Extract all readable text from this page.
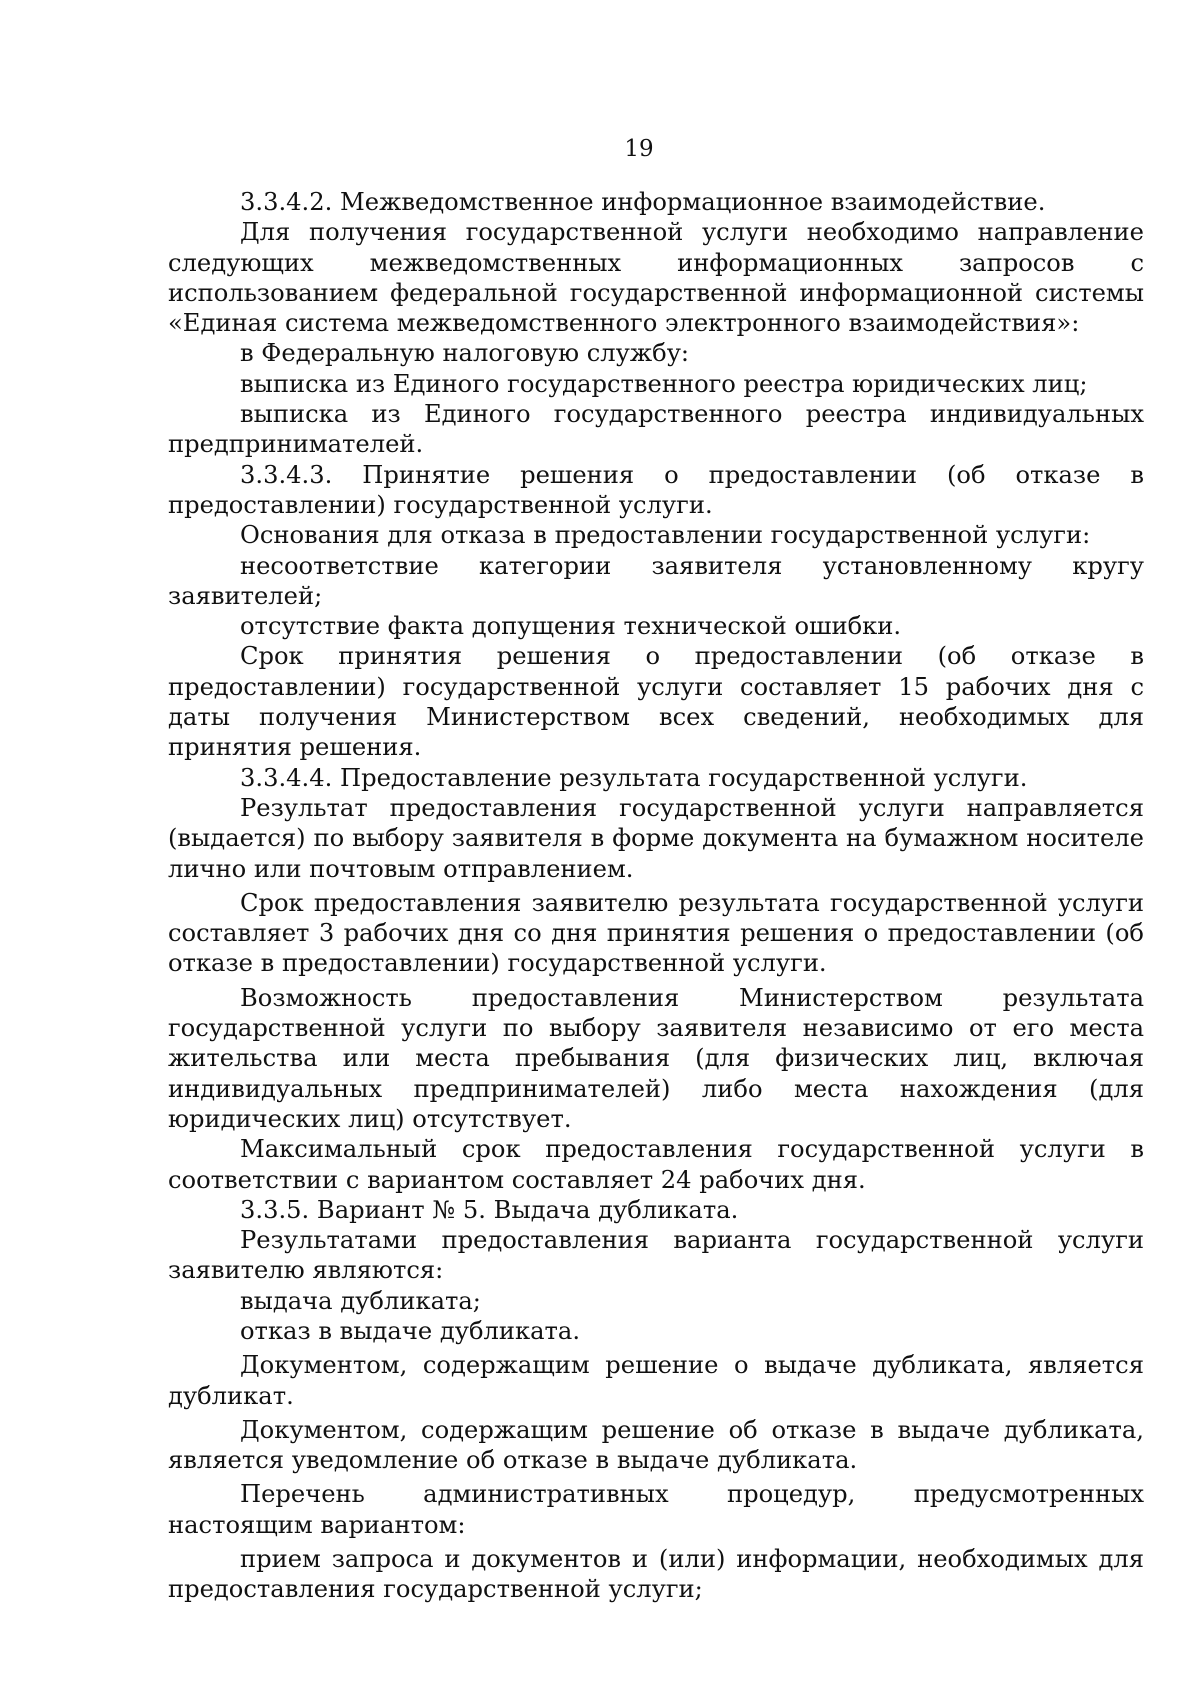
19

3.3.4.2. Межведомственное информационное взаимодействие.

Для получения государственной услуги необходимо направление следующих межведомственных информационных запросов с использованием федеральной государственной информационной системы «Единая система межведомственного электронного взаимодействия»:

в Федеральную налоговую службу:

выписка из Единого государственного реестра юридических лиц;

выписка из Единого государственного реестра индивидуальных предпринимателей.

3.3.4.3. Принятие решения о предоставлении (об отказе в предоставлении) государственной услуги.

Основания для отказа в предоставлении государственной услуги:

несоответствие категории заявителя установленному кругу заявителей;

отсутствие факта допущения технической ошибки.

Срок принятия решения о предоставлении (об отказе в предоставлении) государственной услуги составляет 15 рабочих дня с даты получения Министерством всех сведений, необходимых для принятия решения.

3.3.4.4. Предоставление результата государственной услуги.

Результат предоставления государственной услуги направляется (выдается) по выбору заявителя в форме документа на бумажном носителе лично или почтовым отправлением.

Срок предоставления заявителю результата государственной услуги составляет 3 рабочих дня со дня принятия решения о предоставлении (об отказе в предоставлении) государственной услуги.

Возможность предоставления Министерством результата государственной услуги по выбору заявителя независимо от его места жительства или места пребывания (для физических лиц, включая индивидуальных предпринимателей) либо места нахождения (для юридических лиц) отсутствует.

Максимальный срок предоставления государственной услуги в соответствии с вариантом составляет 24 рабочих дня.

3.3.5. Вариант № 5. Выдача дубликата.

Результатами предоставления варианта государственной услуги заявителю являются:

выдача дубликата;

отказ в выдаче дубликата.

Документом, содержащим решение о выдаче дубликата, является дубликат.

Документом, содержащим решение об отказе в выдаче дубликата, является уведомление об отказе в выдаче дубликата.

Перечень административных процедур, предусмотренных настоящим вариантом:

прием запроса и документов и (или) информации, необходимых для предоставления государственной услуги;
